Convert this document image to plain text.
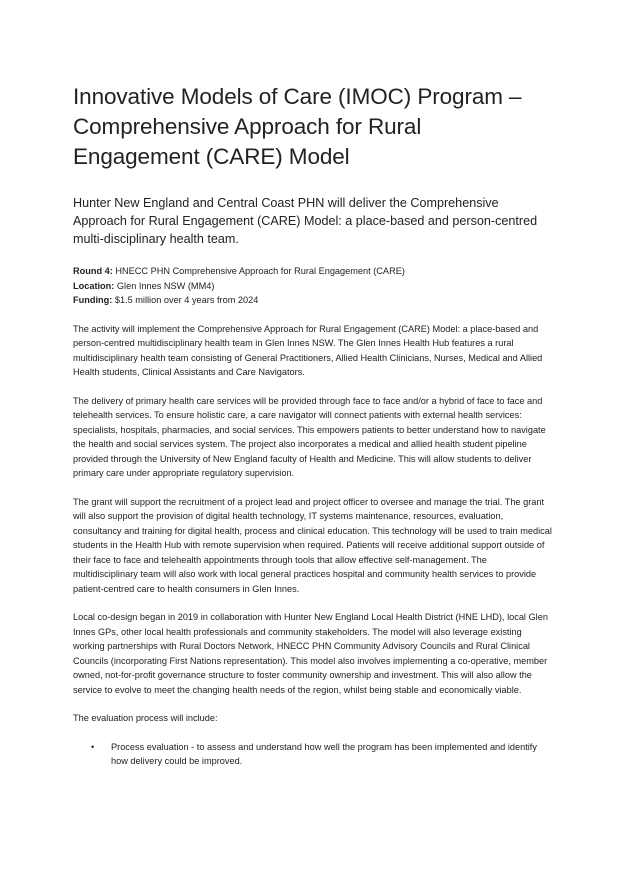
Innovative Models of Care (IMOC) Program – Comprehensive Approach for Rural Engagement (CARE) Model

Hunter New England and Central Coast PHN will deliver the Comprehensive Approach for Rural Engagement (CARE) Model: a place-based and person-centred multi-disciplinary health team.

Round 4: HNECC PHN Comprehensive Approach for Rural Engagement (CARE)
Location: Glen Innes NSW (MM4)
Funding: $1.5 million over 4 years from 2024

The activity will implement the Comprehensive Approach for Rural Engagement (CARE) Model: a place-based and person-centred multidisciplinary health team in Glen Innes NSW. The Glen Innes Health Hub features a rural multidisciplinary health team consisting of General Practitioners, Allied Health Clinicians, Nurses, Medical and Allied Health students, Clinical Assistants and Care Navigators.

The delivery of primary health care services will be provided through face to face and/or a hybrid of face to face and telehealth services. To ensure holistic care, a care navigator will connect patients with external health services: specialists, hospitals, pharmacies, and social services. This empowers patients to better understand how to navigate the health and social services system. The project also incorporates a medical and allied health student pipeline provided through the University of New England faculty of Health and Medicine. This will allow students to deliver primary care under appropriate regulatory supervision.

The grant will support the recruitment of a project lead and project officer to oversee and manage the trial. The grant will also support the provision of digital health technology, IT systems maintenance, resources, evaluation, consultancy and training for digital health, process and clinical education. This technology will be used to train medical students in the Health Hub with remote supervision when required. Patients will receive additional support outside of their face to face and telehealth appointments through tools that allow effective self-management. The multidisciplinary team will also work with local general practices hospital and community health services to provide patient-centred care to health consumers in Glen Innes.

Local co-design began in 2019 in collaboration with Hunter New England Local Health District (HNE LHD), local Glen Innes GPs, other local health professionals and community stakeholders. The model will also leverage existing working partnerships with Rural Doctors Network, HNECC PHN Community Advisory Councils and Rural Clinical Councils (incorporating First Nations representation). This model also involves implementing a co-operative, member owned, not-for-profit governance structure to foster community ownership and investment. This will also allow the service to evolve to meet the changing health needs of the region, whilst being stable and economically viable.

The evaluation process will include:

• Process evaluation - to assess and understand how well the program has been implemented and identify how delivery could be improved.
